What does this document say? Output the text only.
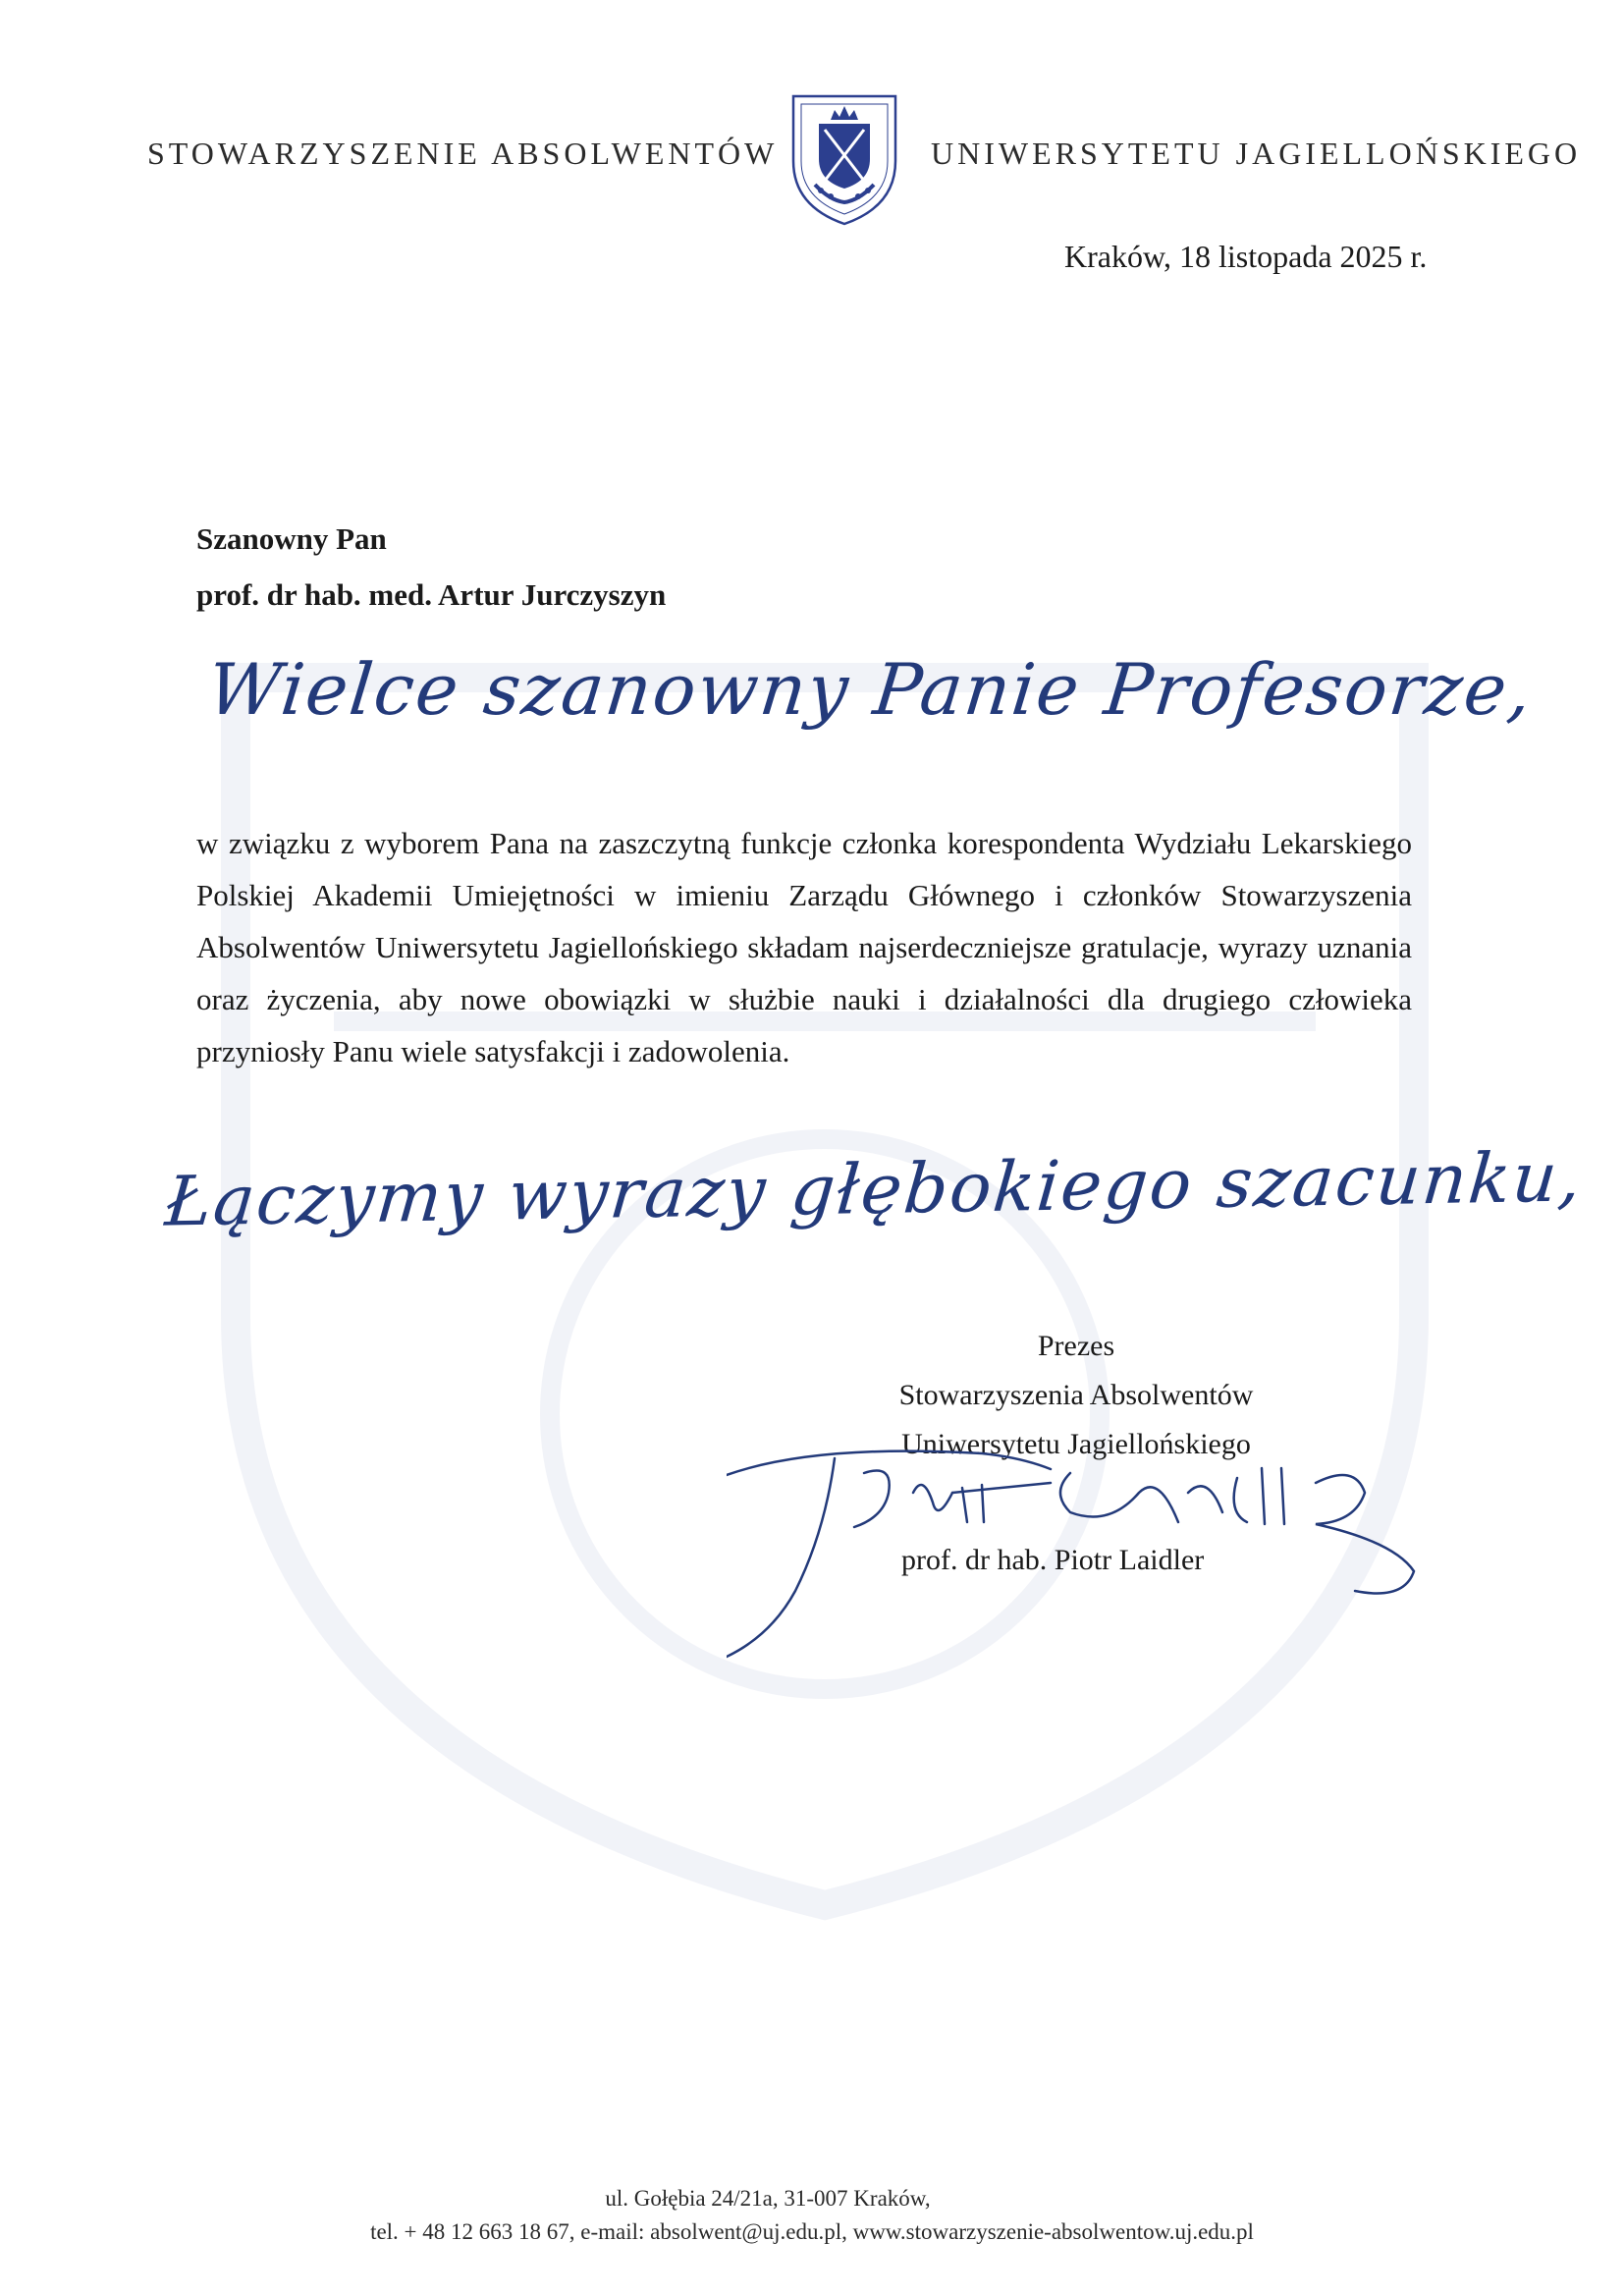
STOWARZYSZENIE ABSOLWENTÓW	UNIWERSYTETU JAGIELLOŃSKIEGO
Kraków, 18 listopada 2025 r.
Szanowny Pan
prof. dr hab. med. Artur Jurczyszyn
Wielce szanowny Panie Profesorze,
w związku z wyborem Pana na zaszczytną funkcje członka korespondenta Wydziału Lekarskiego Polskiej Akademii Umiejętności w imieniu Zarządu Głównego i członków Stowarzyszenia Absolwentów Uniwersytetu Jagiellońskiego składam najserdeczniejsze gratulacje, wyrazy uznania oraz życzenia, aby nowe obowiązki w służbie nauki i działalności dla drugiego człowieka przyniosły Panu wiele satysfakcji i zadowolenia.
Łączymy wyrazy głębokiego szacunku,
Prezes
Stowarzyszenia Absolwentów
Uniwersytetu Jagiellońskiego
prof. dr hab. Piotr Laidler
ul. Gołębia 24/21a, 31-007 Kraków,
tel. + 48 12 663 18 67, e-mail: absolwent@uj.edu.pl, www.stowarzyszenie-absolwentow.uj.edu.pl
